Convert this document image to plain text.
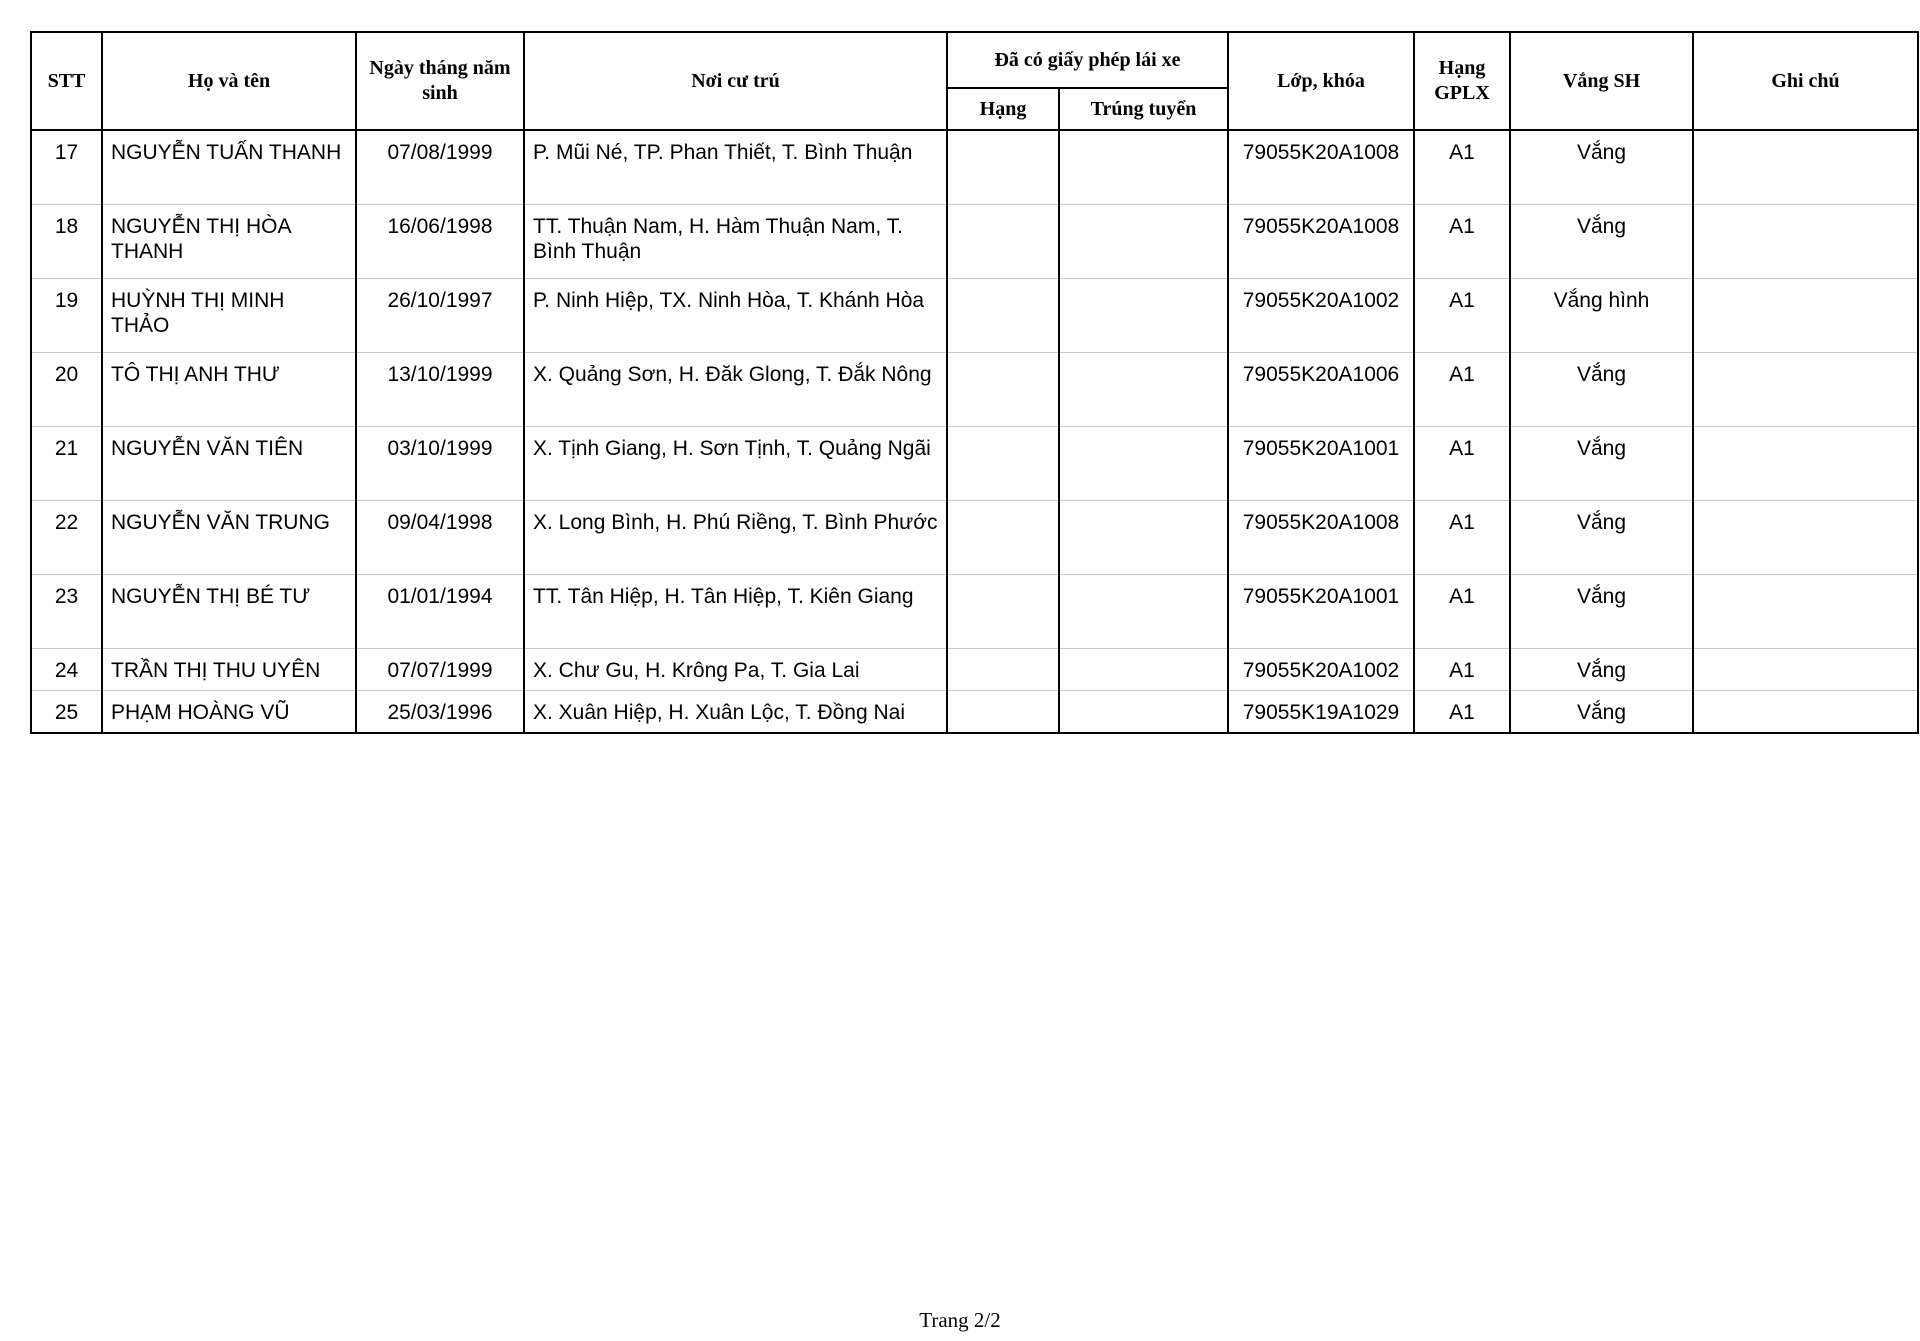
STT	Họ và tên	Ngày tháng năm sinh	Nơi cư trú	Đã có giấy phép lái xe		Lớp, khóa	Hạng GPLX	Vắng SH	Ghi chú
				Hạng	Trúng tuyển				
17	NGUYỄN TUẤN THANH	07/08/1999	P. Mũi Né, TP. Phan Thiết, T. Bình Thuận			79055K20A1008	A1	Vắng	
18	NGUYỄN THỊ HÒA THANH	16/06/1998	TT. Thuận Nam, H. Hàm Thuận Nam, T. Bình Thuận			79055K20A1008	A1	Vắng	
19	HUỲNH THỊ MINH THẢO	26/10/1997	P. Ninh Hiệp, TX. Ninh Hòa, T. Khánh Hòa			79055K20A1002	A1	Vắng hình	
20	TÔ THỊ ANH THƯ	13/10/1999	X. Quảng Sơn, H. Đăk Glong, T. Đắk Nông			79055K20A1006	A1	Vắng	
21	NGUYỄN VĂN TIÊN	03/10/1999	X. Tịnh Giang, H. Sơn Tịnh, T. Quảng Ngãi			79055K20A1001	A1	Vắng	
22	NGUYỄN VĂN TRUNG	09/04/1998	X. Long Bình, H. Phú Riềng, T. Bình Phước			79055K20A1008	A1	Vắng	
23	NGUYỄN THỊ BÉ TƯ	01/01/1994	TT. Tân Hiệp, H. Tân Hiệp, T. Kiên Giang			79055K20A1001	A1	Vắng	
24	TRẦN THỊ THU UYÊN	07/07/1999	X. Chư Gu, H. Krông Pa, T. Gia Lai			79055K20A1002	A1	Vắng	
25	PHẠM HOÀNG VŨ	25/03/1996	X. Xuân Hiệp, H. Xuân Lộc, T. Đồng Nai			79055K19A1029	A1	Vắng	
Trang 2/2
